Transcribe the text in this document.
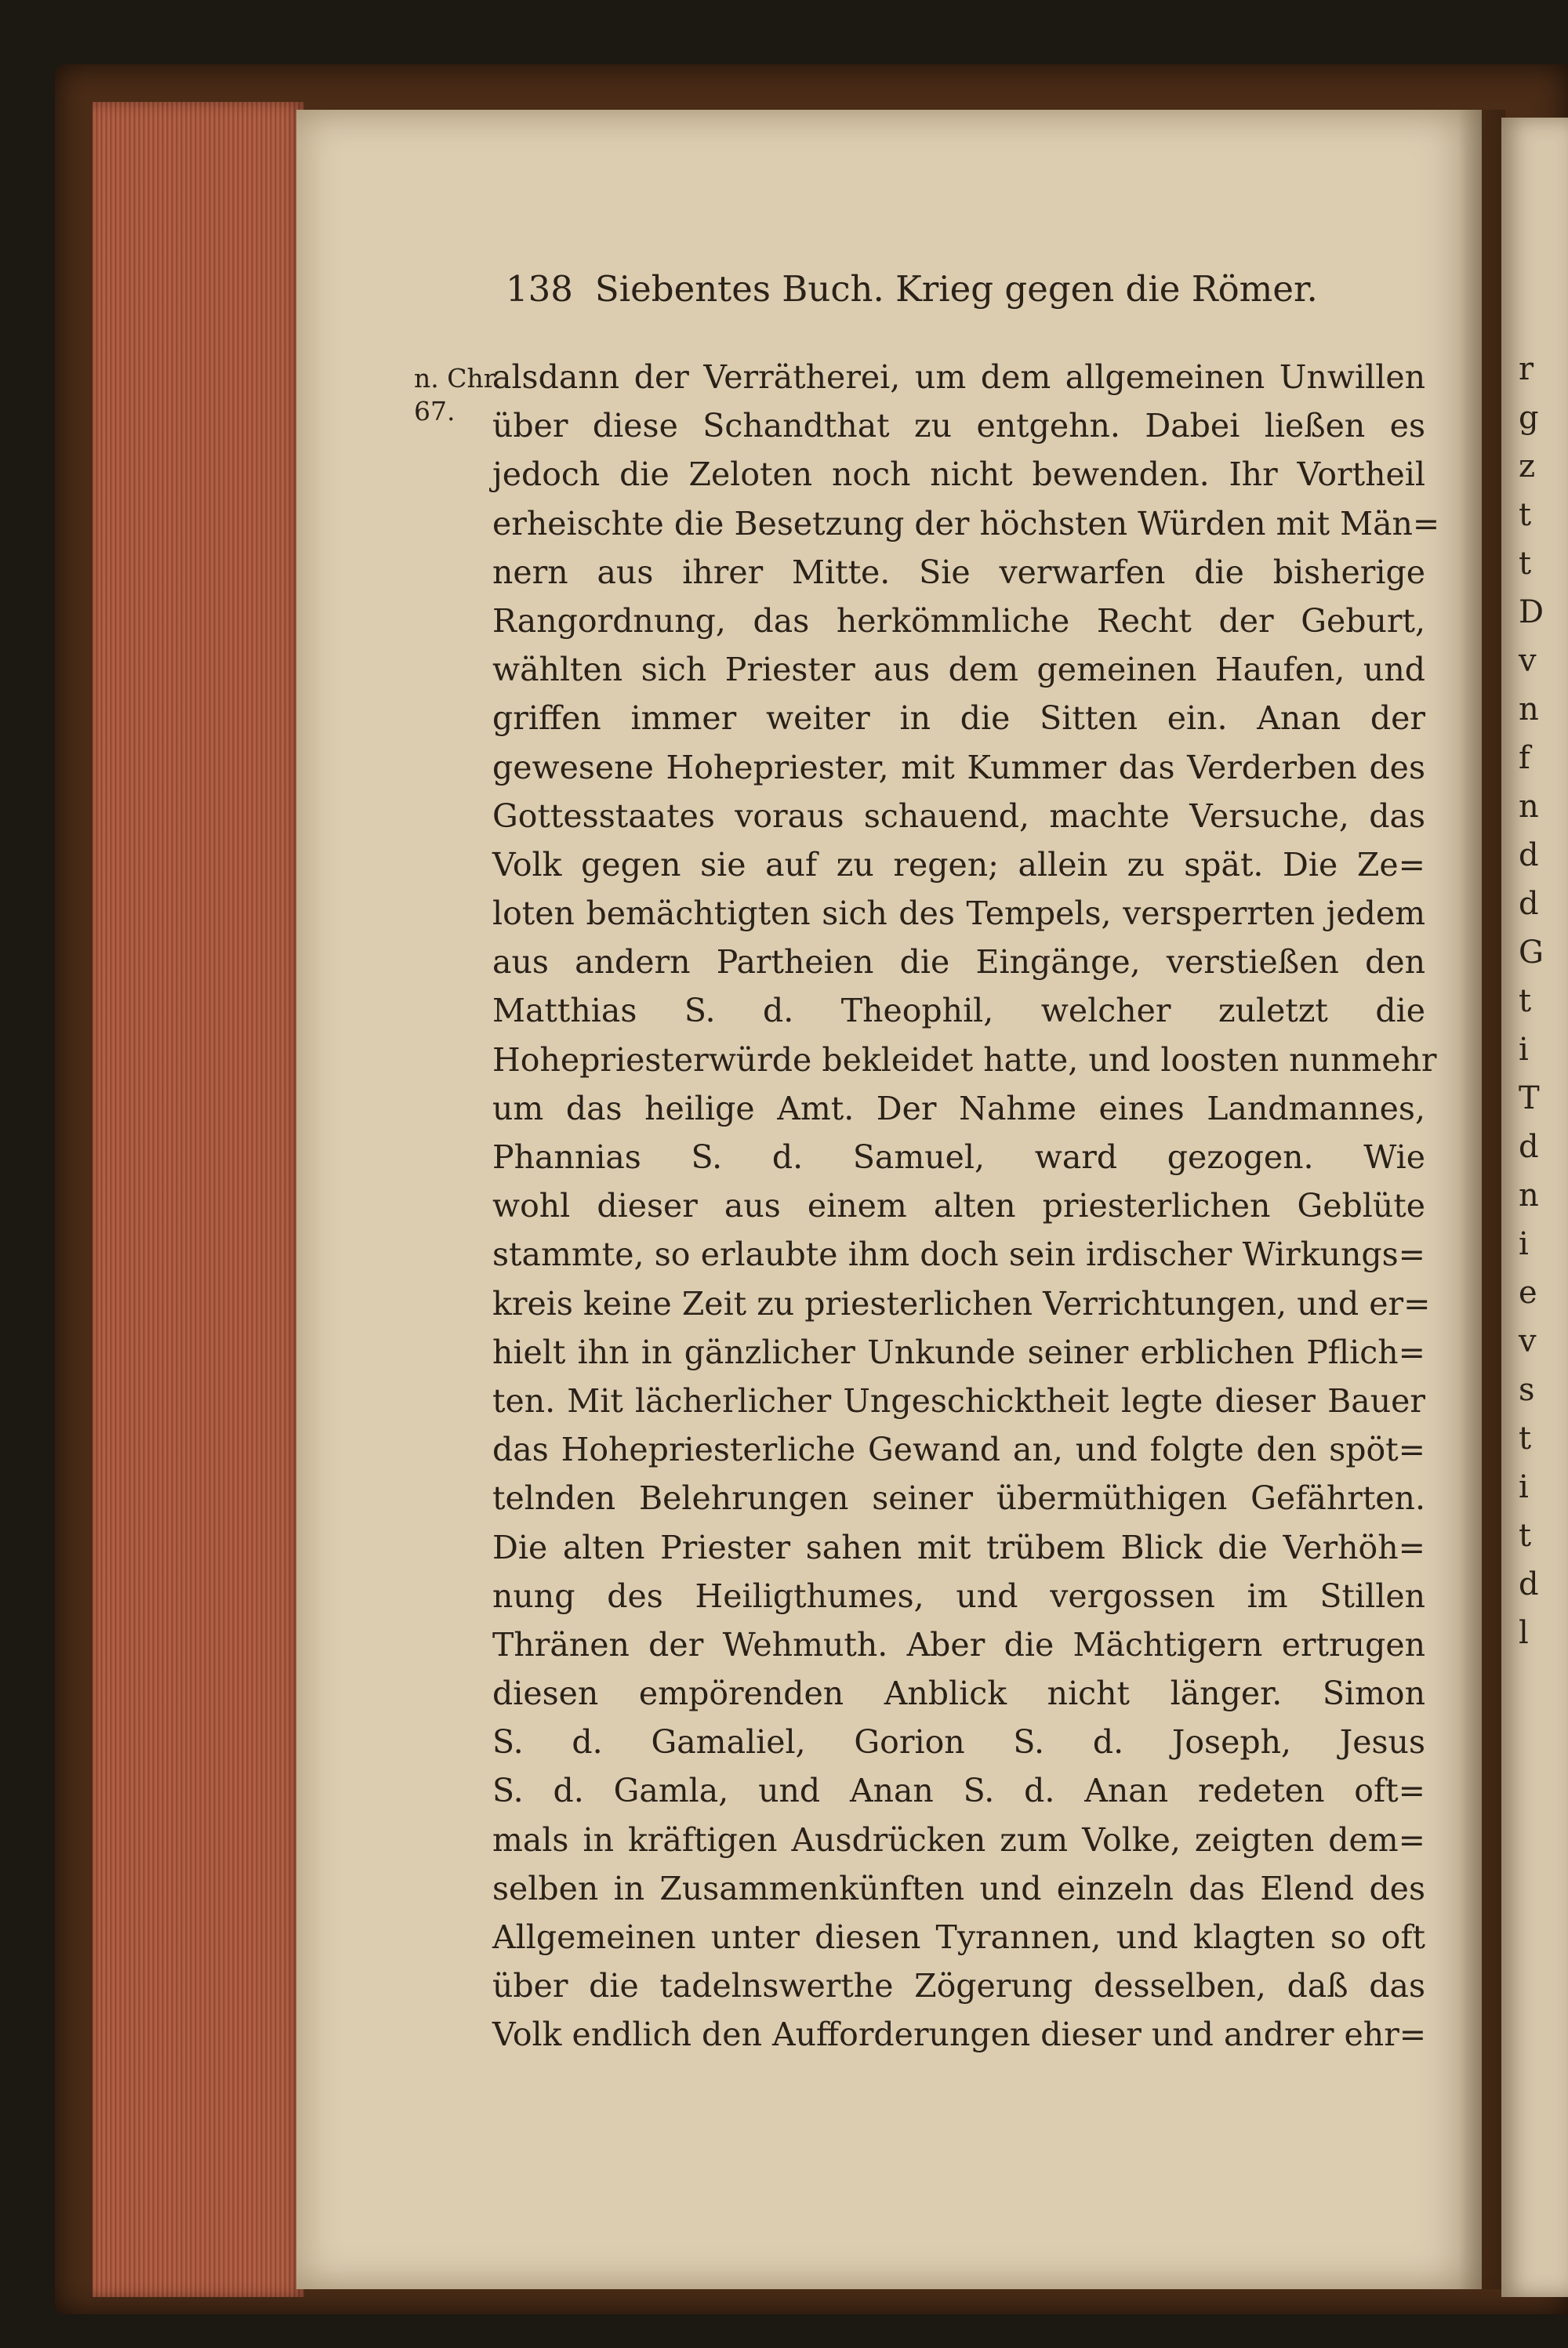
r
g
z
t
t
D
v
n
f
n
d
d
G
t
i
T
d
n
i
e
v
s
t
i
t
d
l
138 Siebentes Buch. Krieg gegen die Römer.
n. Chr.
67.
alsdann der Verrätherei, um dem allgemeinen Unwillen
über diese Schandthat zu entgehn. Dabei ließen es
jedoch die Zeloten noch nicht bewenden. Ihr Vortheil
erheischte die Besetzung der höchsten Würden mit Män=
nern aus ihrer Mitte. Sie verwarfen die bisherige
Rangordnung, das herkömmliche Recht der Geburt,
wählten sich Priester aus dem gemeinen Haufen, und
griffen immer weiter in die Sitten ein. Anan der
gewesene Hohepriester, mit Kummer das Verderben des
Gottesstaates voraus schauend, machte Versuche, das
Volk gegen sie auf zu regen; allein zu spät. Die Ze=
loten bemächtigten sich des Tempels, versperrten jedem
aus andern Partheien die Eingänge, verstießen den
Matthias S. d. Theophil, welcher zuletzt die
Hohepriesterwürde bekleidet hatte, und loosten nunmehr
um das heilige Amt. Der Nahme eines Landmannes,
Phannias S. d. Samuel, ward gezogen. Wie
wohl dieser aus einem alten priesterlichen Geblüte
stammte, so erlaubte ihm doch sein irdischer Wirkungs=
kreis keine Zeit zu priesterlichen Verrichtungen, und er=
hielt ihn in gänzlicher Unkunde seiner erblichen Pflich=
ten. Mit lächerlicher Ungeschicktheit legte dieser Bauer
das Hohepriesterliche Gewand an, und folgte den spöt=
telnden Belehrungen seiner übermüthigen Gefährten.
Die alten Priester sahen mit trübem Blick die Verhöh=
nung des Heiligthumes, und vergossen im Stillen
Thränen der Wehmuth. Aber die Mächtigern ertrugen
diesen empörenden Anblick nicht länger. Simon
S. d. Gamaliel, Gorion S. d. Joseph, Jesus
S. d. Gamla, und Anan S. d. Anan redeten oft=
mals in kräftigen Ausdrücken zum Volke, zeigten dem=
selben in Zusammenkünften und einzeln das Elend des
Allgemeinen unter diesen Tyrannen, und klagten so oft
über die tadelnswerthe Zögerung desselben, daß das
Volk endlich den Aufforderungen dieser und andrer ehr=
